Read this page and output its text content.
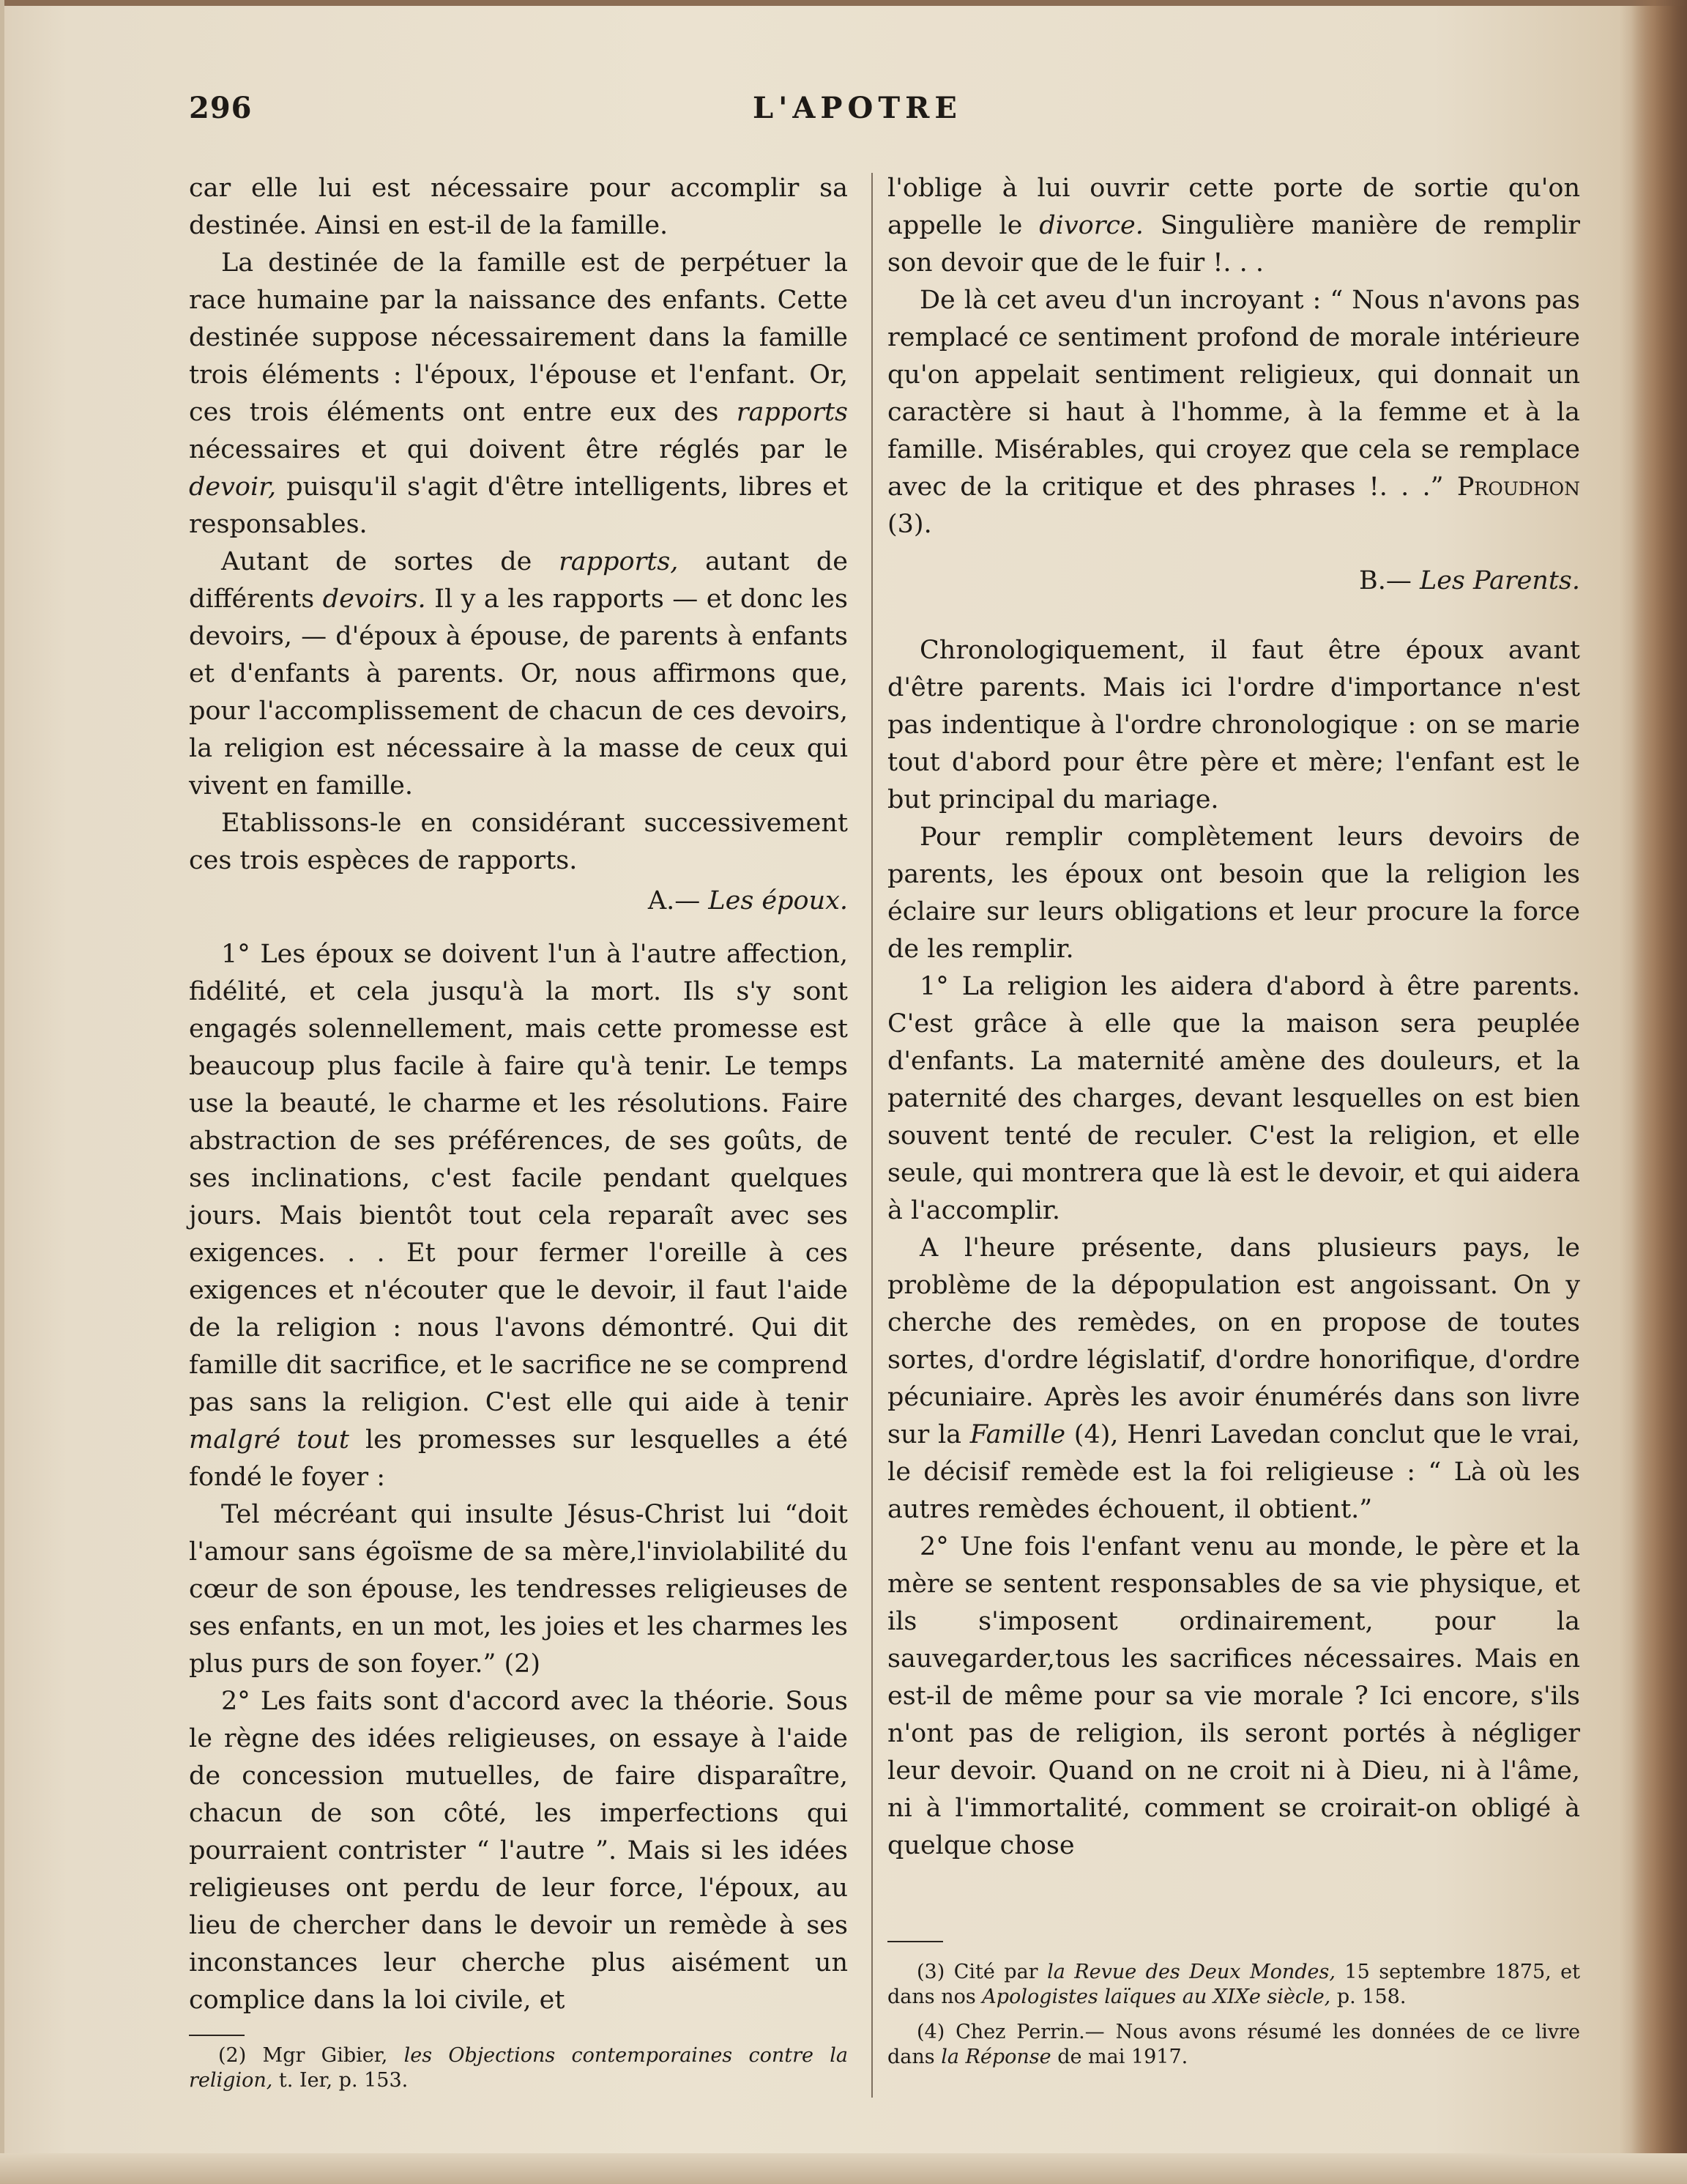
296	L'APOTRE

car elle lui est nécessaire pour accomplir sa destinée. Ainsi en est-il de la famille.

La destinée de la famille est de perpétuer la race humaine par la naissance des enfants. Cette destinée suppose nécessairement dans la famille trois éléments : l'époux, l'épouse et l'enfant. Or, ces trois éléments ont entre eux des rapports nécessaires et qui doivent être réglés par le devoir, puisqu'il s'agit d'être intelligents, libres et responsables.

Autant de sortes de rapports, autant de différents devoirs. Il y a les rapports — et donc les devoirs, — d'époux à épouse, de parents à enfants et d'enfants à parents. Or, nous affirmons que, pour l'accomplissement de chacun de ces devoirs, la religion est nécessaire à la masse de ceux qui vivent en famille.

Etablissons-le en considérant successivement ces trois espèces de rapports.

A.— Les époux.

1° Les époux se doivent l'un à l'autre affection, fidélité, et cela jusqu'à la mort. Ils s'y sont engagés solennellement, mais cette promesse est beaucoup plus facile à faire qu'à tenir. Le temps use la beauté, le charme et les résolutions. Faire abstraction de ses préférences, de ses goûts, de ses inclinations, c'est facile pendant quelques jours. Mais bientôt tout cela reparaît avec ses exigences. . . Et pour fermer l'oreille à ces exigences et n'écouter que le devoir, il faut l'aide de la religion : nous l'avons démontré. Qui dit famille dit sacrifice, et le sacrifice ne se comprend pas sans la religion. C'est elle qui aide à tenir malgré tout les promesses sur lesquelles a été fondé le foyer :

Tel mécréant qui insulte Jésus-Christ lui “doit l'amour sans égoïsme de sa mère,l'inviolabilité du cœur de son épouse, les tendresses religieuses de ses enfants, en un mot, les joies et les charmes les plus purs de son foyer.” (2)

2° Les faits sont d'accord avec la théorie. Sous le règne des idées religieuses, on essaye à l'aide de concession mutuelles, de faire disparaître, chacun de son côté, les imperfections qui pourraient contrister “ l'autre ”. Mais si les idées religieuses ont perdu de leur force, l'époux, au lieu de chercher dans le devoir un remède à ses inconstances leur cherche plus aisément un complice dans la loi civile, et

l'oblige à lui ouvrir cette porte de sortie qu'on appelle le divorce. Singulière manière de remplir son devoir que de le fuir !. . .

De là cet aveu d'un incroyant : “ Nous n'avons pas remplacé ce sentiment profond de morale intérieure qu'on appelait sentiment religieux, qui donnait un caractère si haut à l'homme, à la femme et à la famille. Misérables, qui croyez que cela se remplace avec de la critique et des phrases !. . .” Proudhon (3).

B.— Les Parents.

Chronologiquement, il faut être époux avant d'être parents. Mais ici l'ordre d'importance n'est pas indentique à l'ordre chronologique : on se marie tout d'abord pour être père et mère; l'enfant est le but principal du mariage.

Pour remplir complètement leurs devoirs de parents, les époux ont besoin que la religion les éclaire sur leurs obligations et leur procure la force de les remplir.

1° La religion les aidera d'abord à être parents. C'est grâce à elle que la maison sera peuplée d'enfants. La maternité amène des douleurs, et la paternité des charges, devant lesquelles on est bien souvent tenté de reculer. C'est la religion, et elle seule, qui montrera que là est le devoir, et qui aidera à l'accomplir.

A l'heure présente, dans plusieurs pays, le problème de la dépopulation est angoissant. On y cherche des remèdes, on en propose de toutes sortes, d'ordre législatif, d'ordre honorifique, d'ordre pécuniaire. Après les avoir énumérés dans son livre sur la Famille (4), Henri Lavedan conclut que le vrai, le décisif remède est la foi religieuse : “ Là où les autres remèdes échouent, il obtient.”

2° Une fois l'enfant venu au monde, le père et la mère se sentent responsables de sa vie physique, et ils s'imposent ordinairement, pour la sauvegarder,tous les sacrifices nécessaires. Mais en est-il de même pour sa vie morale ? Ici encore, s'ils n'ont pas de religion, ils seront portés à négliger leur devoir. Quand on ne croit ni à Dieu, ni à l'âme, ni à l'immortalité, comment se croirait-on obligé à quelque chose

(2) Mgr Gibier, les Objections contemporaines contre la religion, t. Ier, p. 153.

(3) Cité par la Revue des Deux Mondes, 15 septembre 1875, et dans nos Apologistes laïques au XIXe siècle, p. 158.

(4) Chez Perrin.— Nous avons résumé les données de ce livre dans la Réponse de mai 1917.
